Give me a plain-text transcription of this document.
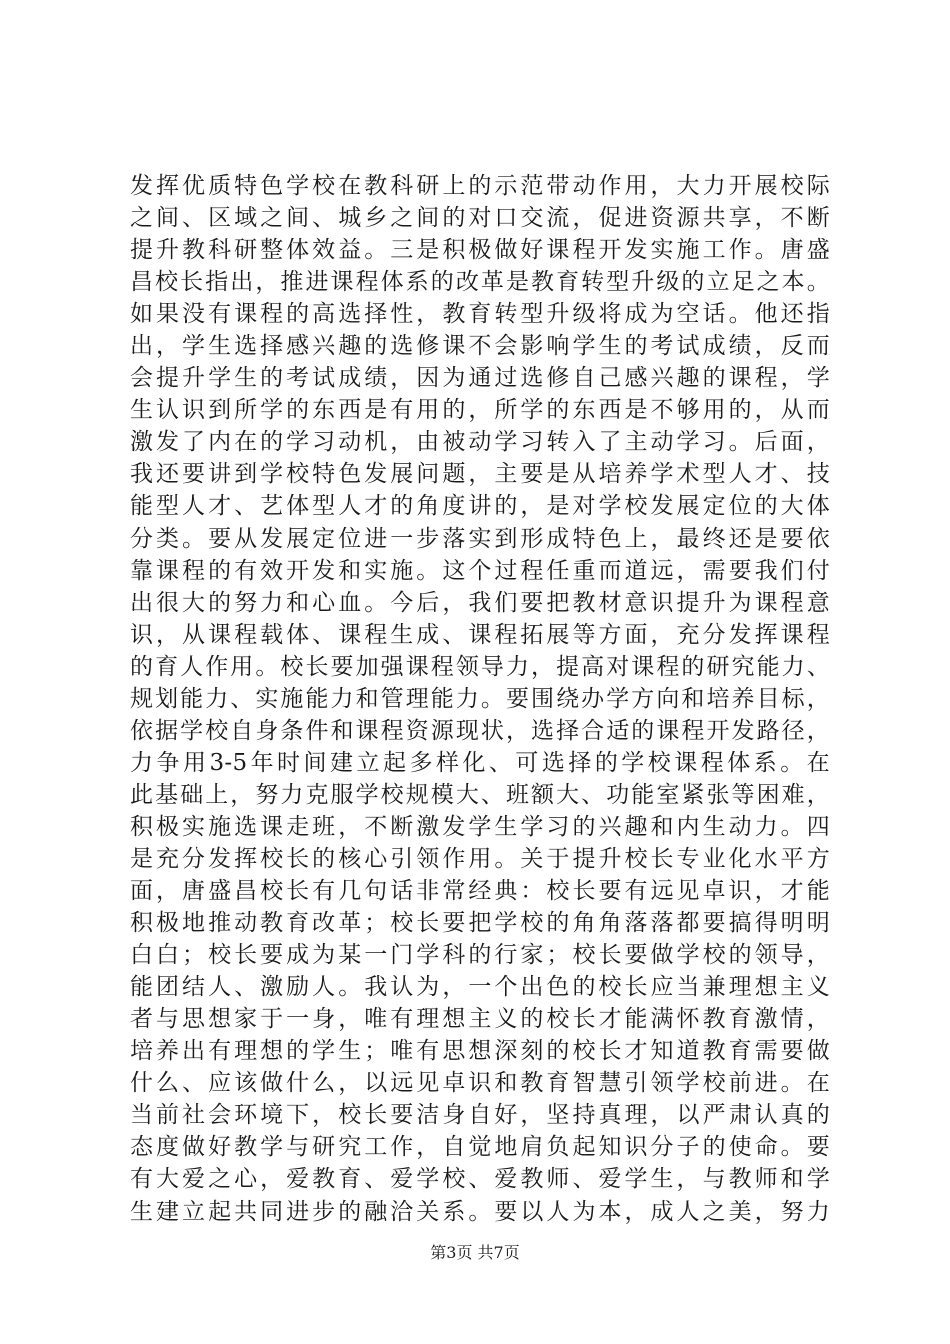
发挥优质特色学校在教科研上的示范带动作用，大力开展校际
之间、区域之间、城乡之间的对口交流，促进资源共享，不断
提升教科研整体效益。三是积极做好课程开发实施工作。唐盛
昌校长指出，推进课程体系的改革是教育转型升级的立足之本。
如果没有课程的高选择性，教育转型升级将成为空话。他还指
出，学生选择感兴趣的选修课不会影响学生的考试成绩，反而
会提升学生的考试成绩，因为通过选修自己感兴趣的课程，学
生认识到所学的东西是有用的，所学的东西是不够用的，从而
激发了内在的学习动机，由被动学习转入了主动学习。后面，
我还要讲到学校特色发展问题，主要是从培养学术型人才、技
能型人才、艺体型人才的角度讲的，是对学校发展定位的大体
分类。要从发展定位进一步落实到形成特色上，最终还是要依
靠课程的有效开发和实施。这个过程任重而道远，需要我们付
出很大的努力和心血。今后，我们要把教材意识提升为课程意
识，从课程载体、课程生成、课程拓展等方面，充分发挥课程
的育人作用。校长要加强课程领导力，提高对课程的研究能力、
规划能力、实施能力和管理能力。要围绕办学方向和培养目标，
依据学校自身条件和课程资源现状，选择合适的课程开发路径，
力争用3-5年时间建立起多样化、可选择的学校课程体系。在
此基础上，努力克服学校规模大、班额大、功能室紧张等困难，
积极实施选课走班，不断激发学生学习的兴趣和内生动力。四
是充分发挥校长的核心引领作用。关于提升校长专业化水平方
面，唐盛昌校长有几句话非常经典：校长要有远见卓识，才能
积极地推动教育改革；校长要把学校的角角落落都要搞得明明
白白；校长要成为某一门学科的行家；校长要做学校的领导，
能团结人、激励人。我认为，一个出色的校长应当兼理想主义
者与思想家于一身，唯有理想主义的校长才能满怀教育激情，
培养出有理想的学生；唯有思想深刻的校长才知道教育需要做
什么、应该做什么，以远见卓识和教育智慧引领学校前进。在
当前社会环境下，校长要洁身自好，坚持真理，以严肃认真的
态度做好教学与研究工作，自觉地肩负起知识分子的使命。要
有大爱之心，爱教育、爱学校、爱教师、爱学生，与教师和学
生建立起共同进步的融洽关系。要以人为本，成人之美，努力
第3页 共7页
